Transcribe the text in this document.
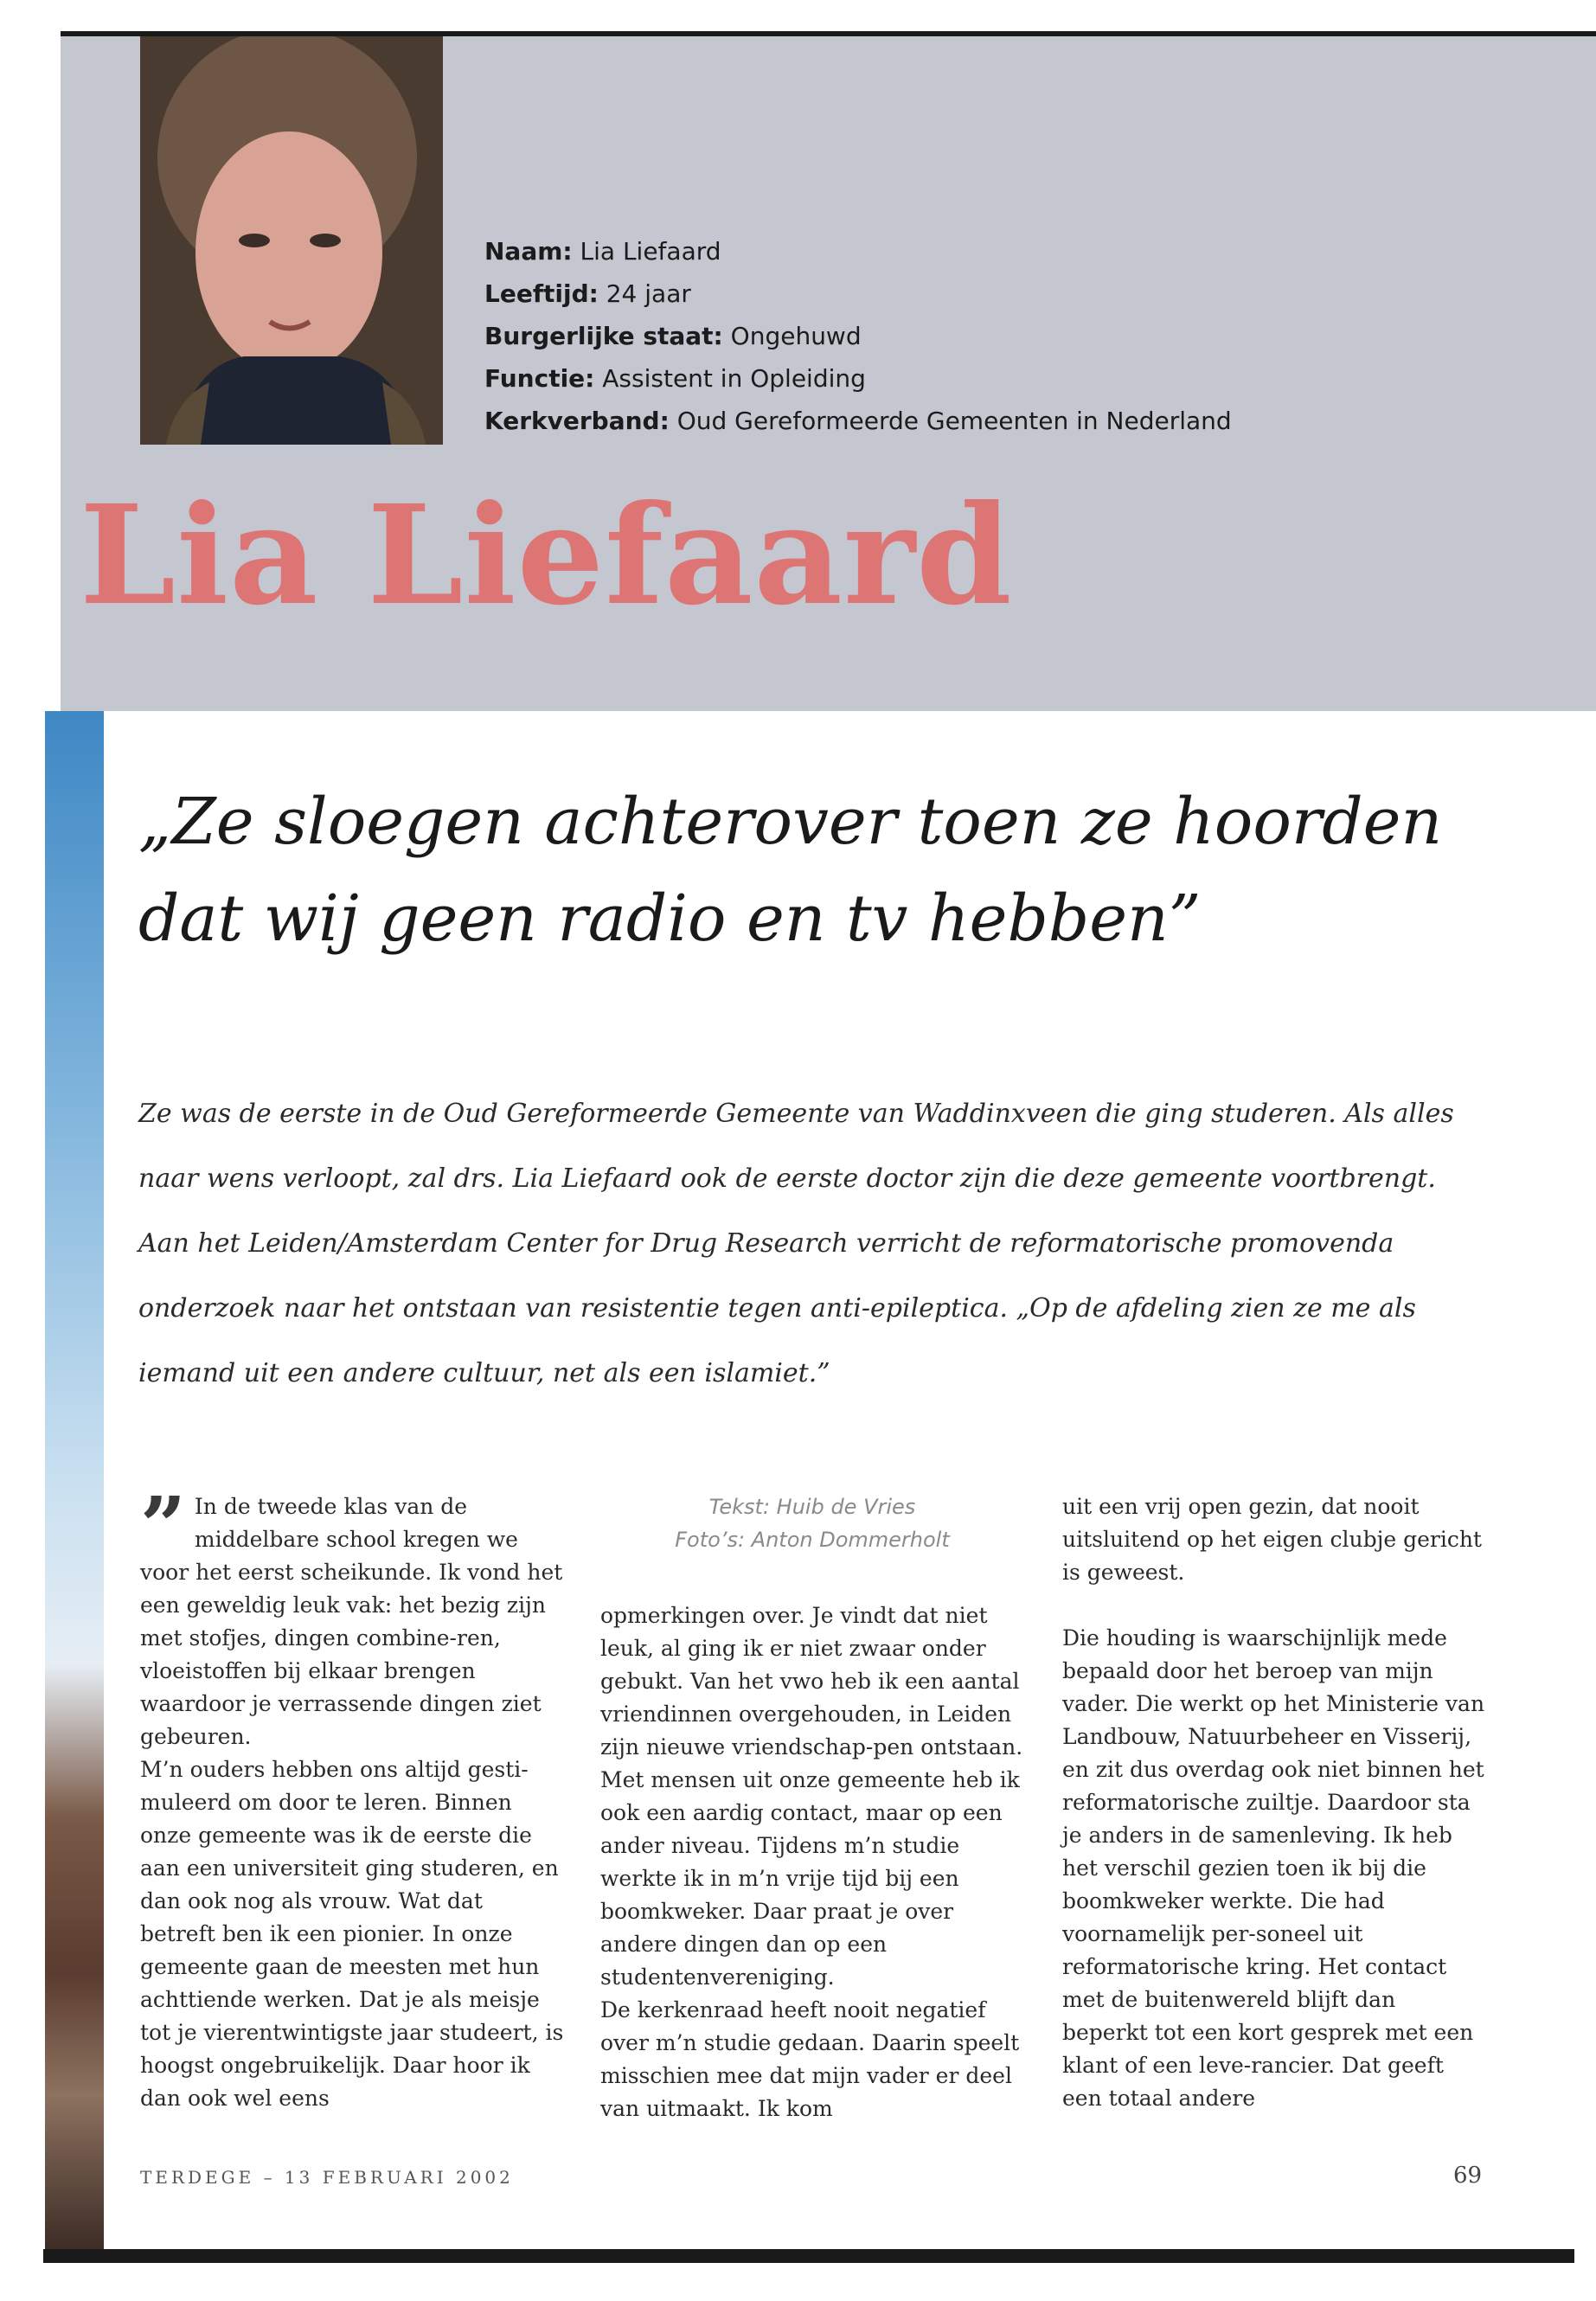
Naam: Lia Liefaard
Leeftijd: 24 jaar
Burgerlijke staat: Ongehuwd
Functie: Assistent in Opleiding
Kerkverband: Oud Gereformeerde Gemeenten in Nederland
Lia Liefaard
„Ze sloegen achterover toen ze hoorden dat wij geen radio en tv hebben”

Ze was de eerste in de Oud Gereformeerde Gemeente van Waddinxveen die ging studeren. Als alles naar wens verloopt, zal drs. Lia Liefaard ook de eerste doctor zijn die deze gemeente voortbrengt. Aan het Leiden/Amsterdam Center for Drug Research verricht de reformatorische promovenda onderzoek naar het ontstaan van resistentie tegen anti-epileptica. „Op de afdeling zien ze me als iemand uit een andere cultuur, net als een islamiet.”

” In de tweede klas van de middelbare school kregen we voor het eerst scheikunde. Ik vond het een geweldig leuk vak: het bezig zijn met stofjes, dingen combine-ren, vloeistoffen bij elkaar brengen waardoor je verrassende dingen ziet gebeuren.

M’n ouders hebben ons altijd gesti-muleerd om door te leren. Binnen onze gemeente was ik de eerste die aan een universiteit ging studeren, en dan ook nog als vrouw. Wat dat betreft ben ik een pionier. In onze gemeente gaan de meesten met hun achttiende werken. Dat je als meisje tot je vierentwintigste jaar studeert, is hoogst ongebruikelijk. Daar hoor ik dan ook wel eens

Tekst: Huib de Vries
Foto’s: Anton Dommerholt

opmerkingen over. Je vindt dat niet leuk, al ging ik er niet zwaar onder gebukt. Van het vwo heb ik een aantal vriendinnen overgehouden, in Leiden zijn nieuwe vriendschap-pen ontstaan. Met mensen uit onze gemeente heb ik ook een aardig contact, maar op een ander niveau. Tijdens m’n studie werkte ik in m’n vrije tijd bij een boomkweker. Daar praat je over andere dingen dan op een studentenvereniging.

De kerkenraad heeft nooit negatief over m’n studie gedaan. Daarin speelt misschien mee dat mijn vader er deel van uitmaakt. Ik kom

uit een vrij open gezin, dat nooit uitsluitend op het eigen clubje gericht is geweest.

Die houding is waarschijnlijk mede bepaald door het beroep van mijn vader. Die werkt op het Ministerie van Landbouw, Natuurbeheer en Visserij, en zit dus overdag ook niet binnen het reformatorische zuiltje. Daardoor sta je anders in de samenleving. Ik heb het verschil gezien toen ik bij die boomkweker werkte. Die had voornamelijk per-soneel uit reformatorische kring. Het contact met de buitenwereld blijft dan beperkt tot een kort gesprek met een klant of een leve-rancier. Dat geeft een totaal andere

TERDEGE – 13 FEBRUARI 2002	69
